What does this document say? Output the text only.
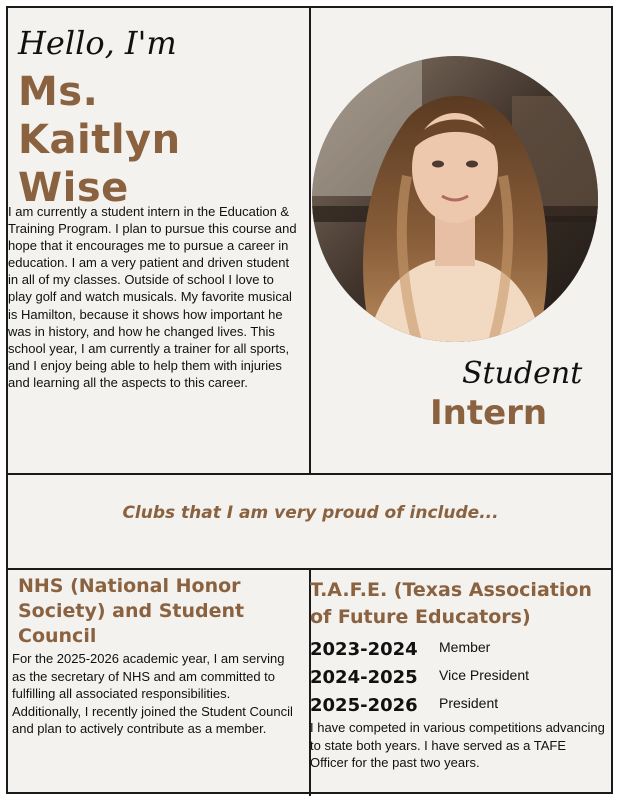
Hello, I'm
Ms.
Kaitlyn
Wise
I am currently a student intern in the Education & Training Program. I plan to pursue this course and hope that it encourages me to pursue a career in education. I am a very patient and driven student in all of my classes. Outside of school I love to play golf and watch musicals. My favorite musical is Hamilton, because it shows how important he was in history, and how he changed lives. This school year, I am currently a trainer for all sports, and I enjoy being able to help them with injuries and learning all the aspects to this career.	Student
Intern
Clubs that I am very proud of include...
NHS (National Honor Society) and Student Council
For the 2025-2026 academic year, I am serving as the secretary of NHS and am committed to fulfilling all associated responsibilities. Additionally, I recently joined the Student Council and plan to actively contribute as a member.
T.A.F.E. (Texas Association of Future Educators)
2023-2024 Member
2024-2025 Vice President
2025-2026 President
I have competed in various competitions advancing to state both years. I have served as a TAFE Officer for the past two years.
